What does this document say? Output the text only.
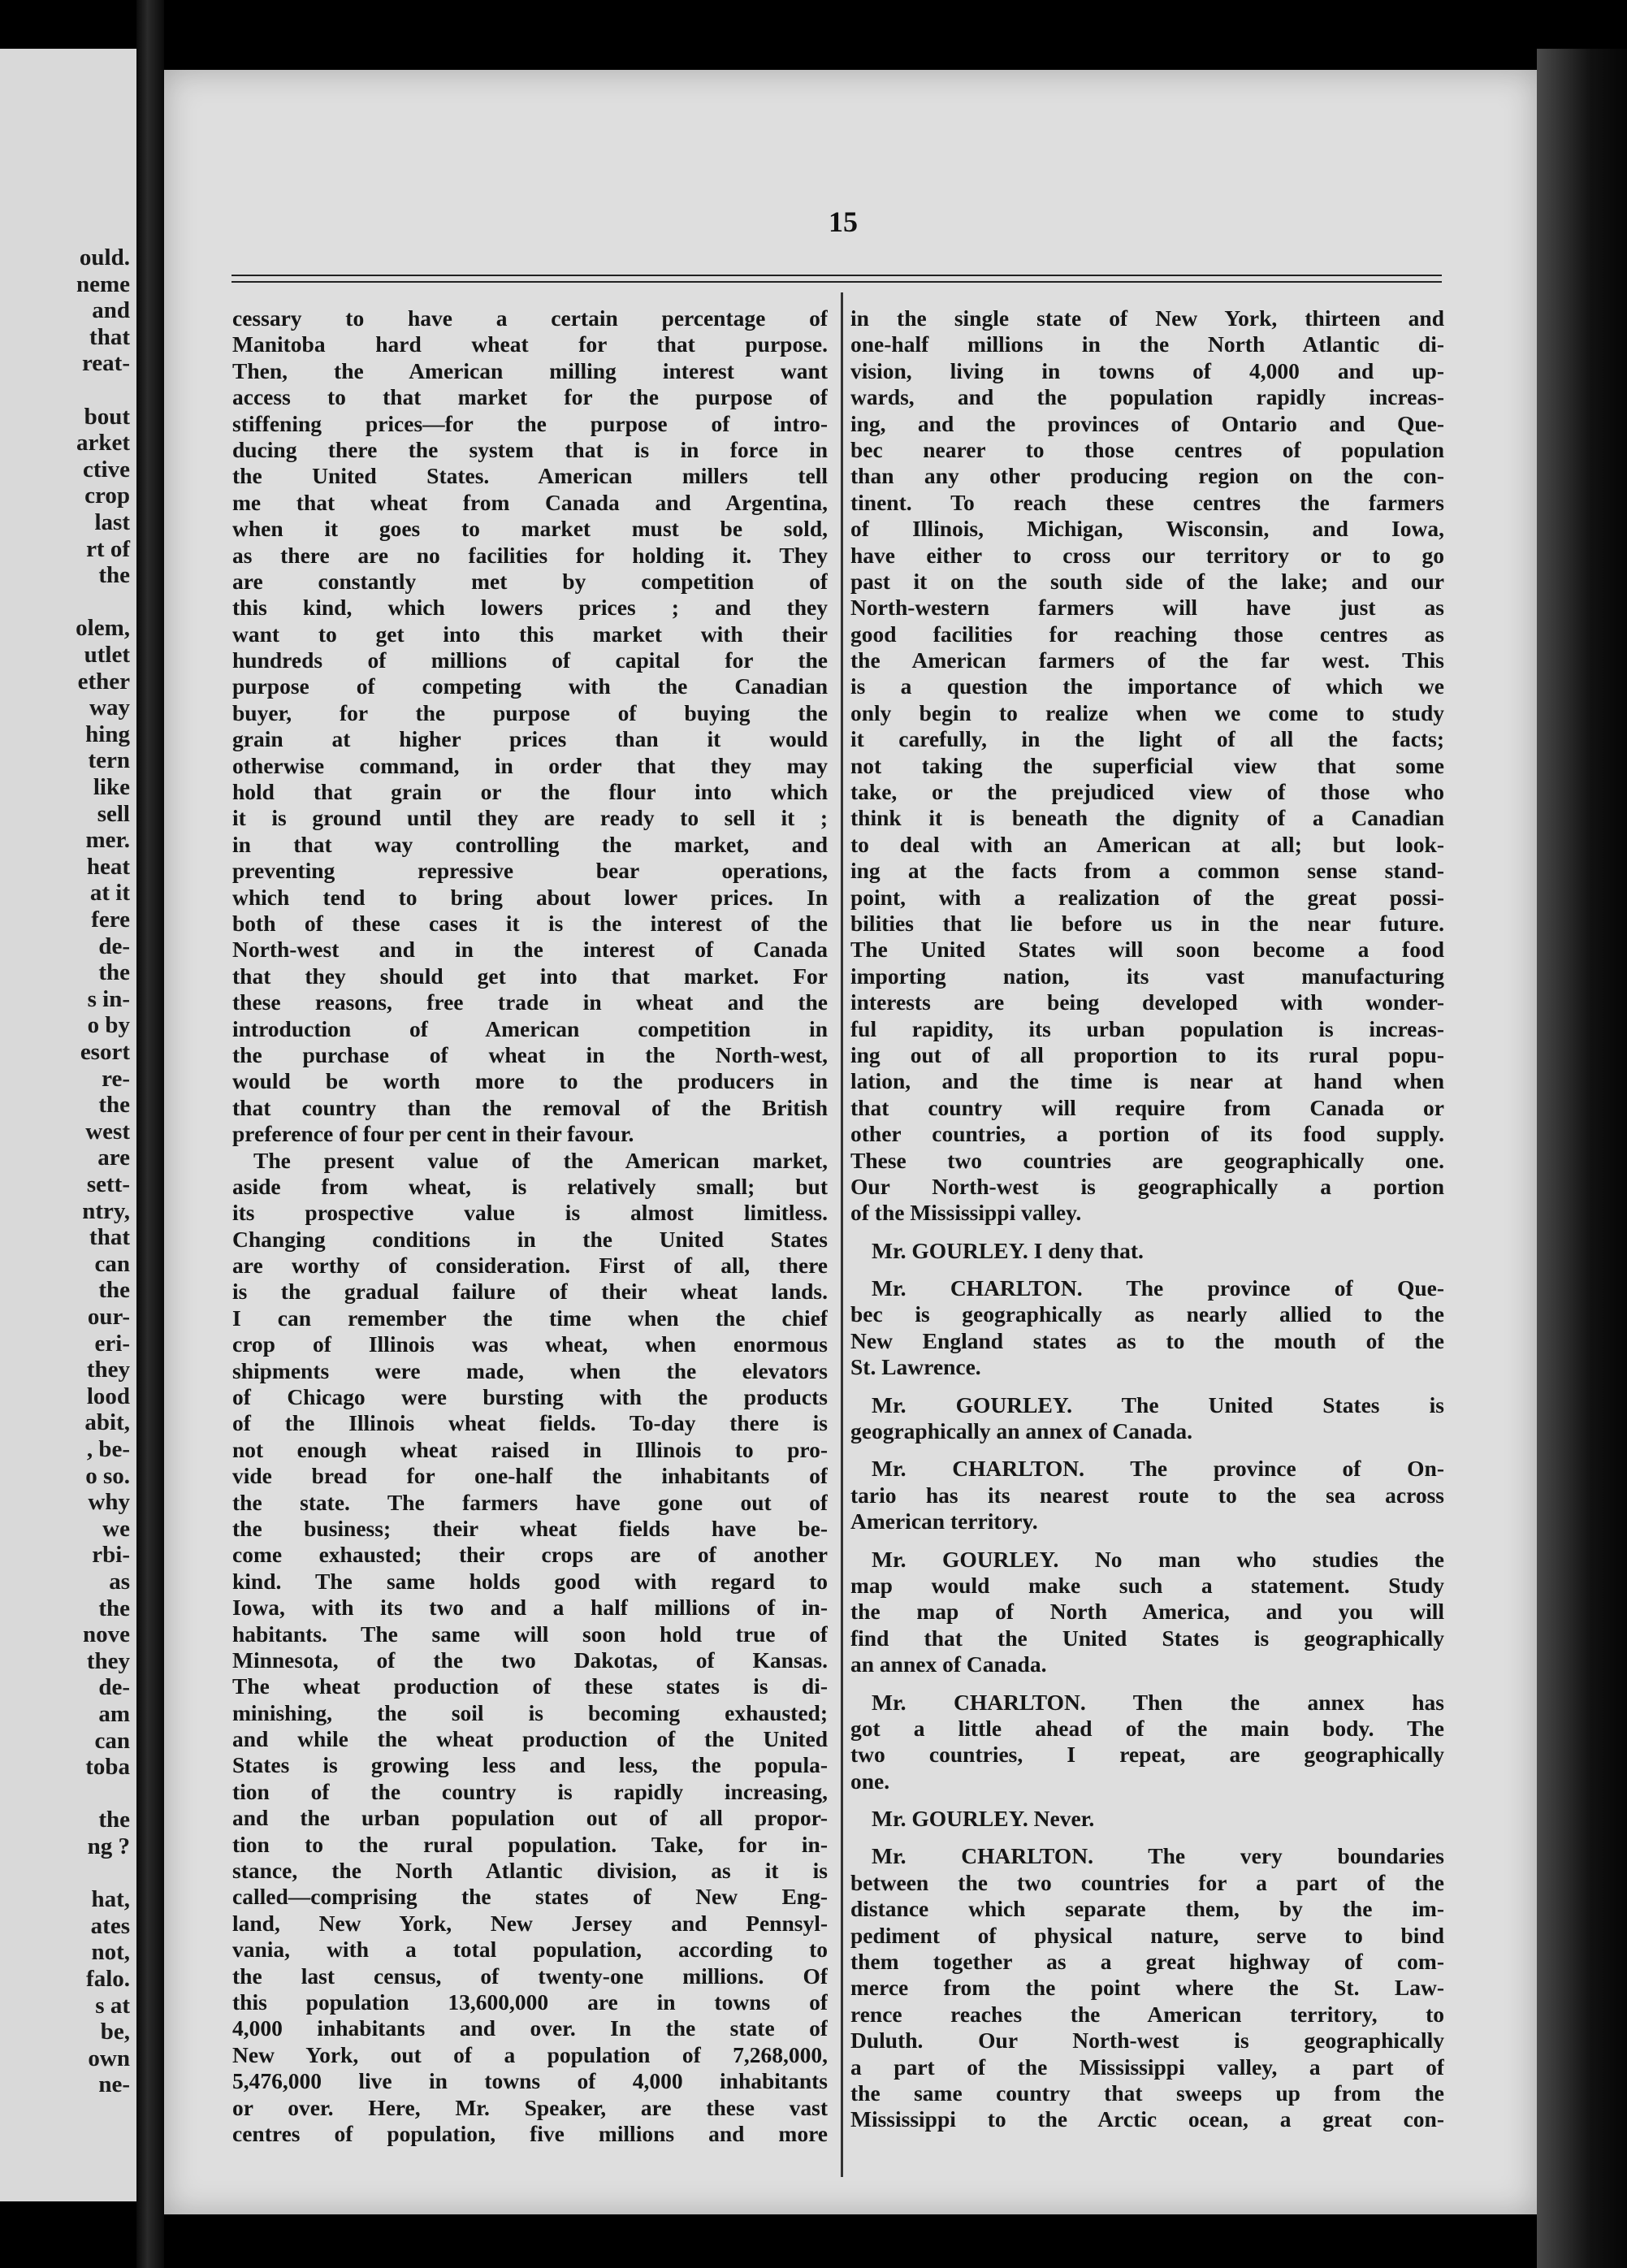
ould.
neme
and
that
reat-
bout
arket
ctive
crop
last
rt of
the
olem,
utlet
ether
way
hing
tern
like
sell
mer.
heat
at it
fere
de-
the
s in-
o by
esort
re-
the
west
are
sett-
ntry,
that
can
the
our-
eri-
they
lood
abit,
, be-
o so.
why
we
rbi-
as
the
nove
they
de-
am
can
toba
the
ng ?
hat,
ates
not,
falo.
s at
be,
own
ne-
15
cessary to have a certain percentage of
Manitoba hard wheat for that purpose.
Then, the American milling interest want
access to that market for the purpose of
stiffening prices—for the purpose of intro-
ducing there the system that is in force in
the United States. American millers tell
me that wheat from Canada and Argentina,
when it goes to market must be sold,
as there are no facilities for holding it. They
are constantly met by competition of
this kind, which lowers prices ; and they
want to get into this market with their
hundreds of millions of capital for the
purpose of competing with the Canadian
buyer, for the purpose of buying the
grain at higher prices than it would
otherwise command, in order that they may
hold that grain or the flour into which
it is ground until they are ready to sell it ;
in that way controlling the market, and
preventing repressive bear operations,
which tend to bring about lower prices. In
both of these cases it is the interest of the
North-west and in the interest of Canada
that they should get into that market. For
these reasons, free trade in wheat and the
introduction of American competition in
the purchase of wheat in the North-west,
would be worth more to the producers in
that country than the removal of the British
preference of four per cent in their favour.
The present value of the American market,
aside from wheat, is relatively small; but
its prospective value is almost limitless.
Changing conditions in the United States
are worthy of consideration. First of all, there
is the gradual failure of their wheat lands.
I can remember the time when the chief
crop of Illinois was wheat, when enormous
shipments were made, when the elevators
of Chicago were bursting with the products
of the Illinois wheat fields. To-day there is
not enough wheat raised in Illinois to pro-
vide bread for one-half the inhabitants of
the state. The farmers have gone out of
the business; their wheat fields have be-
come exhausted; their crops are of another
kind. The same holds good with regard to
Iowa, with its two and a half millions of in-
habitants. The same will soon hold true of
Minnesota, of the two Dakotas, of Kansas.
The wheat production of these states is di-
minishing, the soil is becoming exhausted;
and while the wheat production of the United
States is growing less and less, the popula-
tion of the country is rapidly increasing,
and the urban population out of all propor-
tion to the rural population. Take, for in-
stance, the North Atlantic division, as it is
called—comprising the states of New Eng-
land, New York, New Jersey and Pennsyl-
vania, with a total population, according to
the last census, of twenty-one millions. Of
this population 13,600,000 are in towns of
4,000 inhabitants and over. In the state of
New York, out of a population of 7,268,000,
5,476,000 live in towns of 4,000 inhabitants
or over. Here, Mr. Speaker, are these vast
centres of population, five millions and more
in the single state of New York, thirteen and
one-half millions in the North Atlantic di-
vision, living in towns of 4,000 and up-
wards, and the population rapidly increas-
ing, and the provinces of Ontario and Que-
bec nearer to those centres of population
than any other producing region on the con-
tinent. To reach these centres the farmers
of Illinois, Michigan, Wisconsin, and Iowa,
have either to cross our territory or to go
past it on the south side of the lake; and our
North-western farmers will have just as
good facilities for reaching those centres as
the American farmers of the far west. This
is a question the importance of which we
only begin to realize when we come to study
it carefully, in the light of all the facts;
not taking the superficial view that some
take, or the prejudiced view of those who
think it is beneath the dignity of a Canadian
to deal with an American at all; but look-
ing at the facts from a common sense stand-
point, with a realization of the great possi-
bilities that lie before us in the near future.
The United States will soon become a food
importing nation, its vast manufacturing
interests are being developed with wonder-
ful rapidity, its urban population is increas-
ing out of all proportion to its rural popu-
lation, and the time is near at hand when
that country will require from Canada or
other countries, a portion of its food supply.
These two countries are geographically one.
Our North-west is geographically a portion
of the Mississippi valley.
Mr. GOURLEY. I deny that.
Mr. CHARLTON. The province of Que-
bec is geographically as nearly allied to the
New England states as to the mouth of the
St. Lawrence.
Mr. GOURLEY. The United States is
geographically an annex of Canada.
Mr. CHARLTON. The province of On-
tario has its nearest route to the sea across
American territory.
Mr. GOURLEY. No man who studies the
map would make such a statement. Study
the map of North America, and you will
find that the United States is geographically
an annex of Canada.
Mr. CHARLTON. Then the annex has
got a little ahead of the main body. The
two countries, I repeat, are geographically
one.
Mr. GOURLEY. Never.
Mr. CHARLTON. The very boundaries
between the two countries for a part of the
distance which separate them, by the im-
pediment of physical nature, serve to bind
them together as a great highway of com-
merce from the point where the St. Law-
rence reaches the American territory, to
Duluth. Our North-west is geographically
a part of the Mississippi valley, a part of
the same country that sweeps up from the
Mississippi to the Arctic ocean, a great con-
